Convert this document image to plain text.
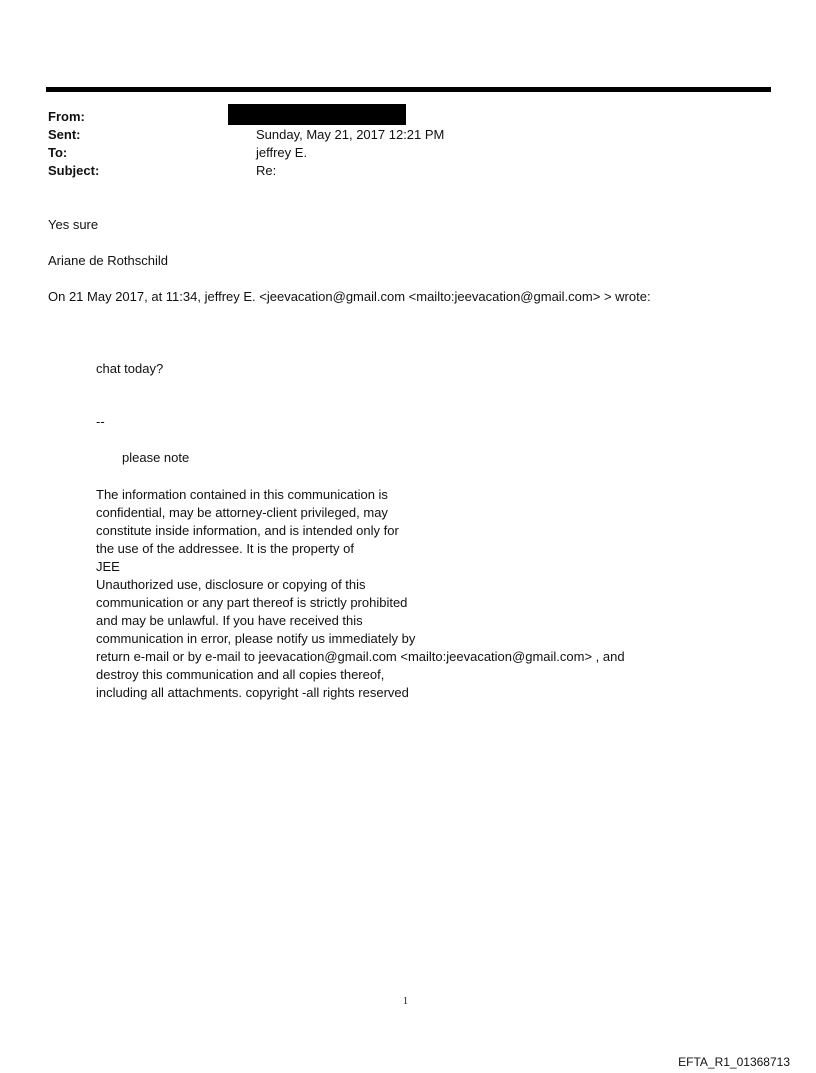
From:
Sent:	Sunday, May 21, 2017 12:21 PM
To:	jeffrey E.
Subject:	Re:
Yes sure
Ariane de Rothschild
On 21 May 2017, at 11:34, jeffrey E. <jeevacation@gmail.com <mailto:jeevacation@gmail.com> > wrote:
chat today?
--
please note
The information contained in this communication is
confidential, may be attorney-client privileged, may
constitute inside information, and is intended only for
the use of the addressee. It is the property of
JEE
Unauthorized use, disclosure or copying of this
communication or any part thereof is strictly prohibited
and may be unlawful. If you have received this
communication in error, please notify us immediately by
return e-mail or by e-mail to jeevacation@gmail.com <mailto:jeevacation@gmail.com> , and
destroy this communication and all copies thereof,
including all attachments. copyright -all rights reserved
1
EFTA_R1_01368713
